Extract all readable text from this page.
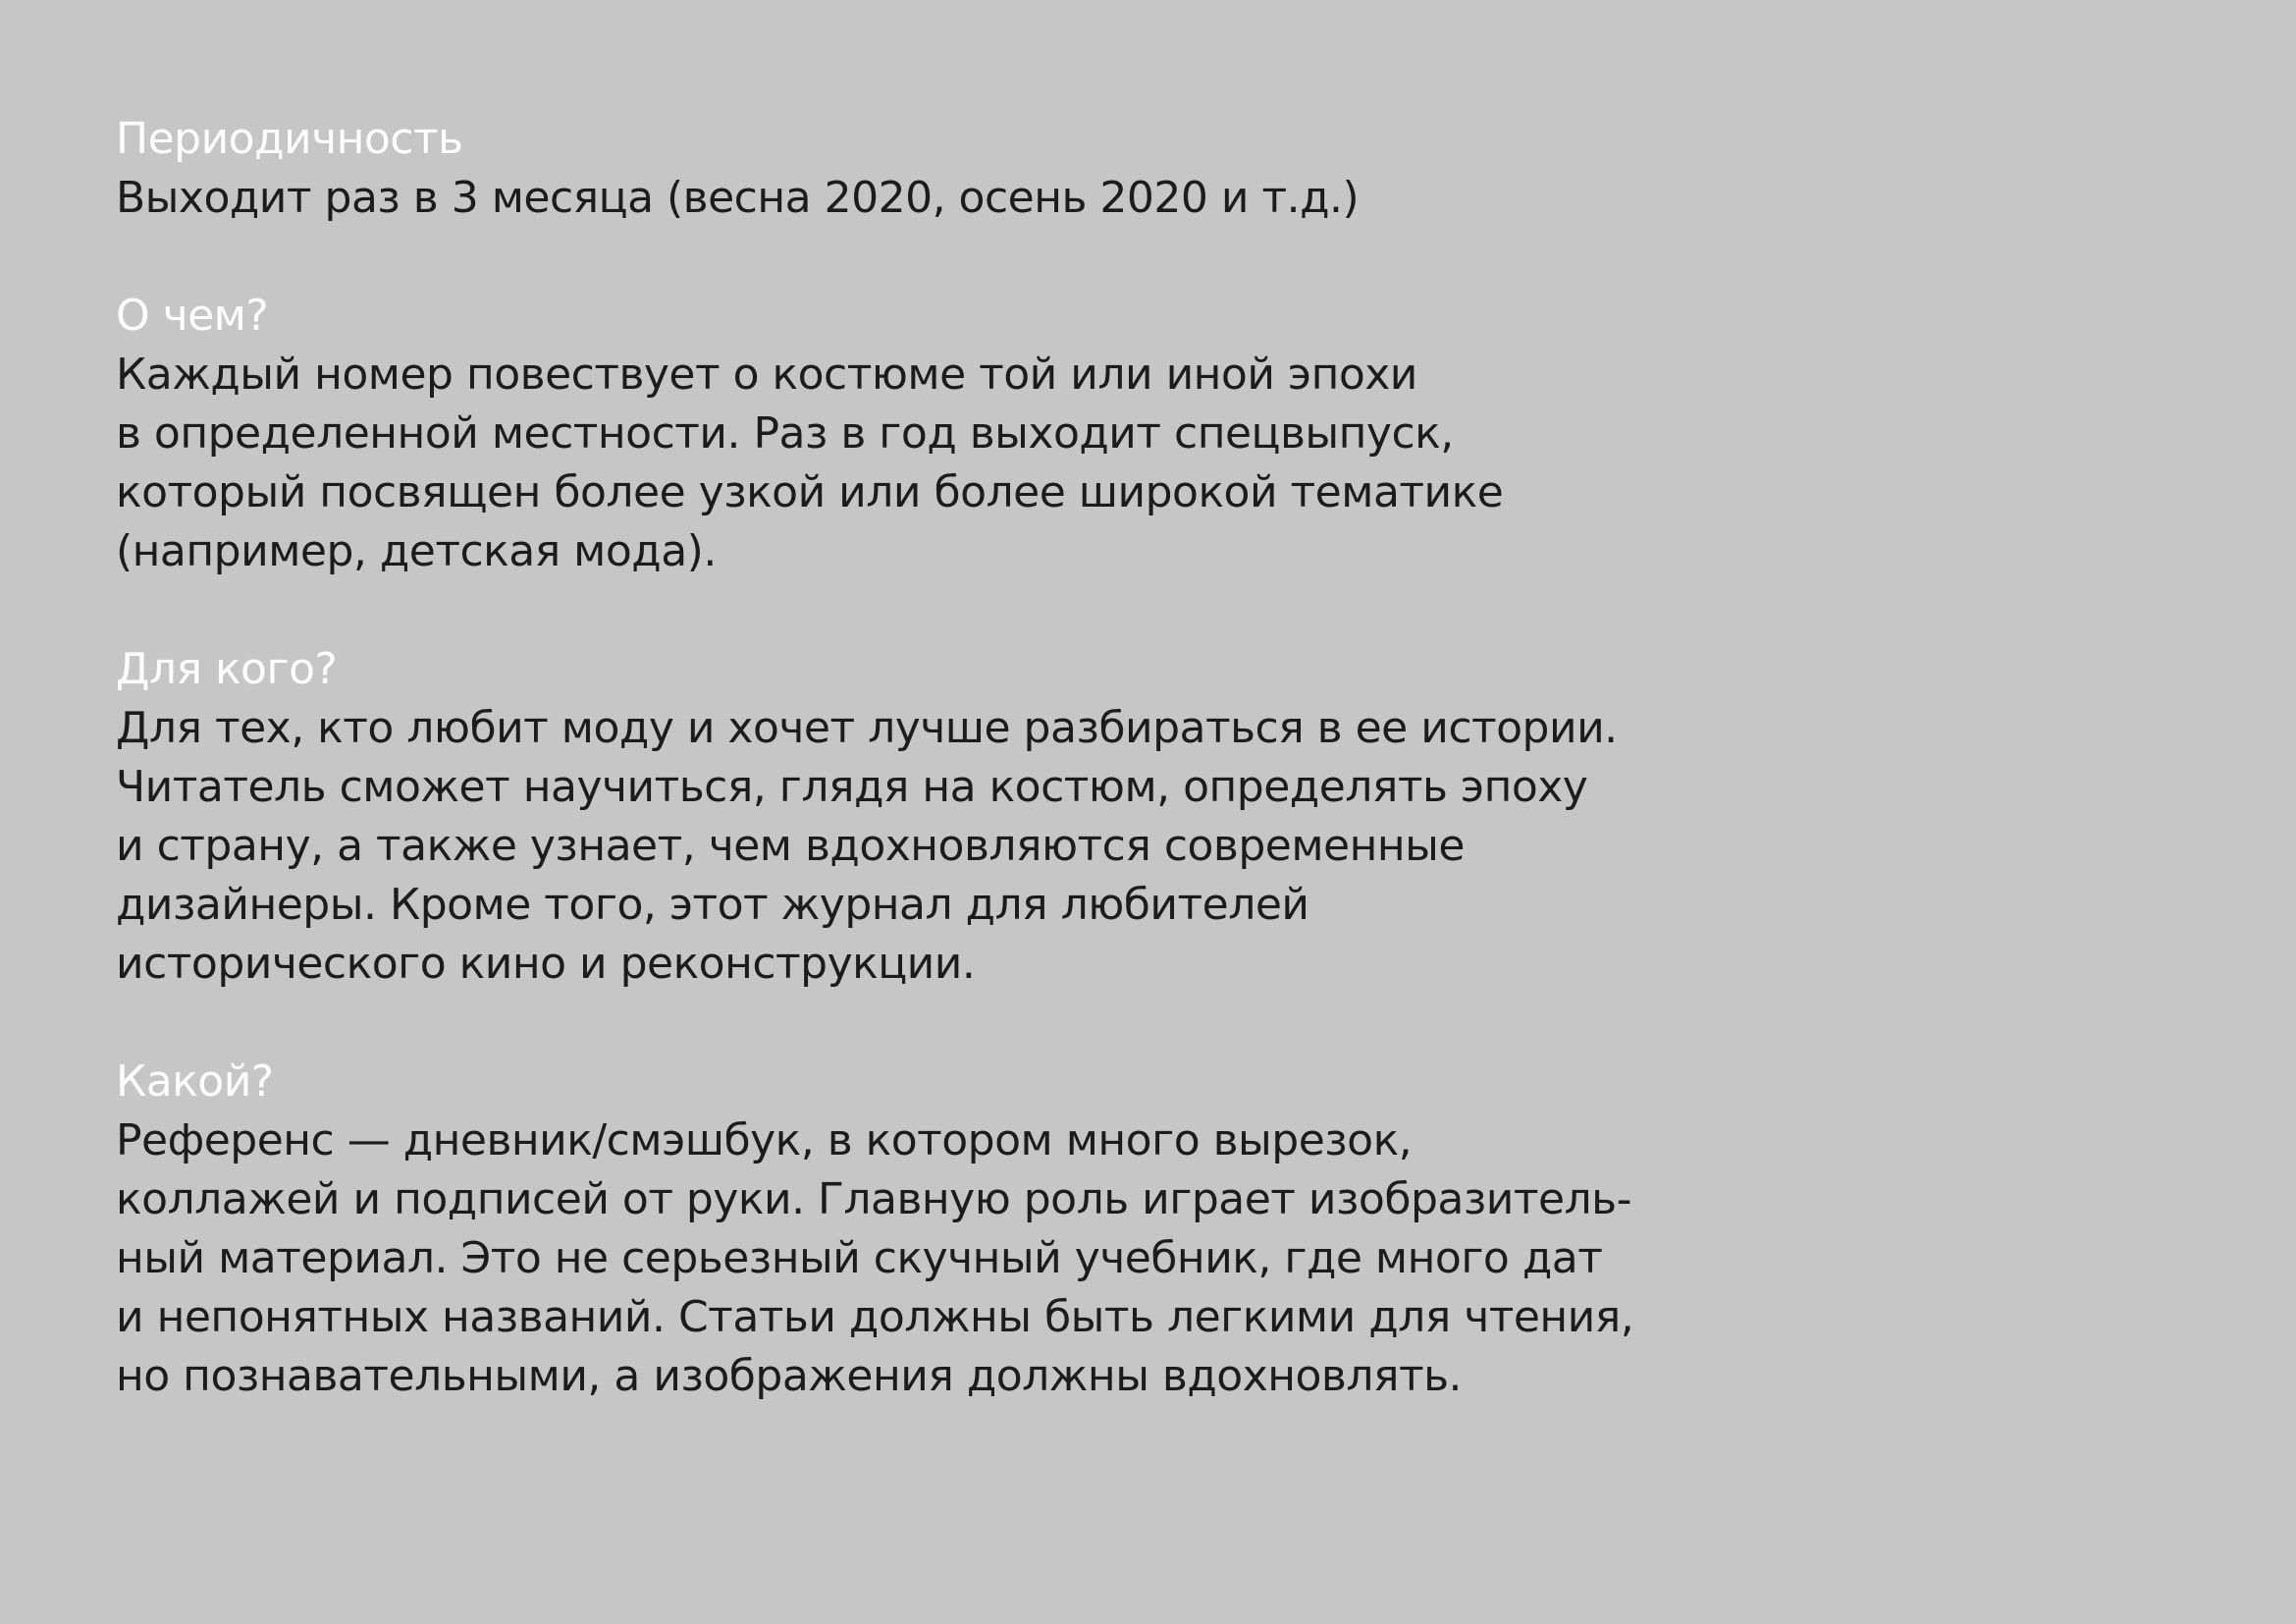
Периодичность
Выходит раз в 3 месяца (весна 2020, осень 2020 и т.д.)
О чем?
Каждый номер повествует о костюме той или иной эпохи
в определенной местности. Раз в год выходит спецвыпуск,
который посвящен более узкой или более широкой тематике
(например, детская мода).
Для кого?
Для тех, кто любит моду и хочет лучше разбираться в ее истории.
Читатель сможет научиться, глядя на костюм, определять эпоху
и страну, а также узнает, чем вдохновляются современные
дизайнеры. Кроме того, этот журнал для любителей
исторического кино и реконструкции.
Какой?
Референс — дневник/смэшбук, в котором много вырезок,
коллажей и подписей от руки. Главную роль играет изобразитель-
ный материал. Это не серьезный скучный учебник, где много дат
и непонятных названий. Статьи должны быть легкими для чтения,
но познавательными, а изображения должны вдохновлять.
